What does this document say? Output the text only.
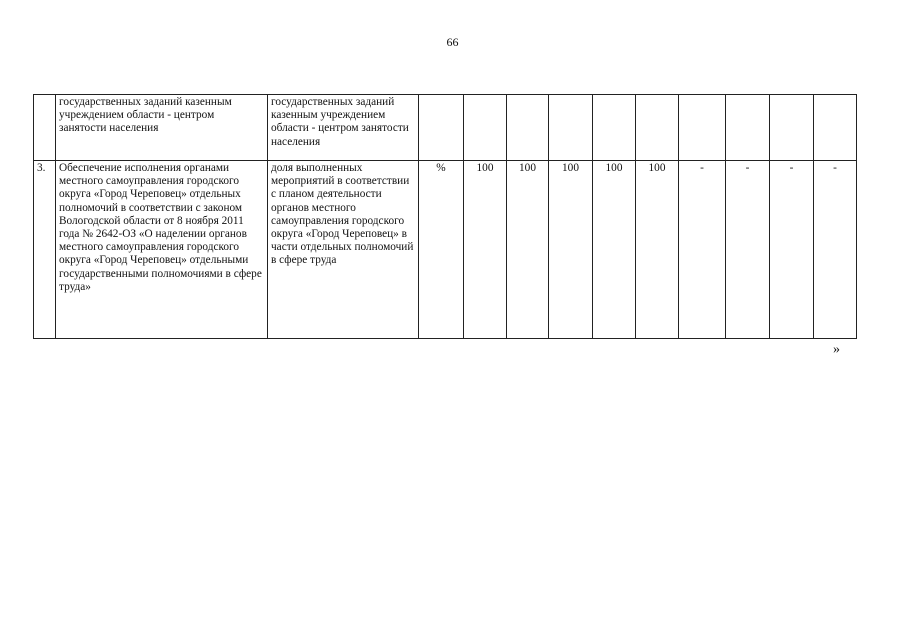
66
	государственных заданий казенным учреждением области - центром занятости населения	государственных заданий казенным учреждением области - центром занятости населения										
3.	Обеспечение исполнения органами местного самоуправления городского округа «Город Череповец» отдельных полномочий в соответствии с законом Вологодской области от 8 ноября 2011 года № 2642-ОЗ «О наделении органов местного самоуправления городского округа «Город Череповец» отдельными государственными полномочиями в сфере труда»	доля выполненных мероприятий в соответствии с планом деятельности органов местного самоуправления городского округа «Город Череповец» в части отдельных полномочий в сфере труда	%	100	100	100	100	100	-	-	-	-
»
